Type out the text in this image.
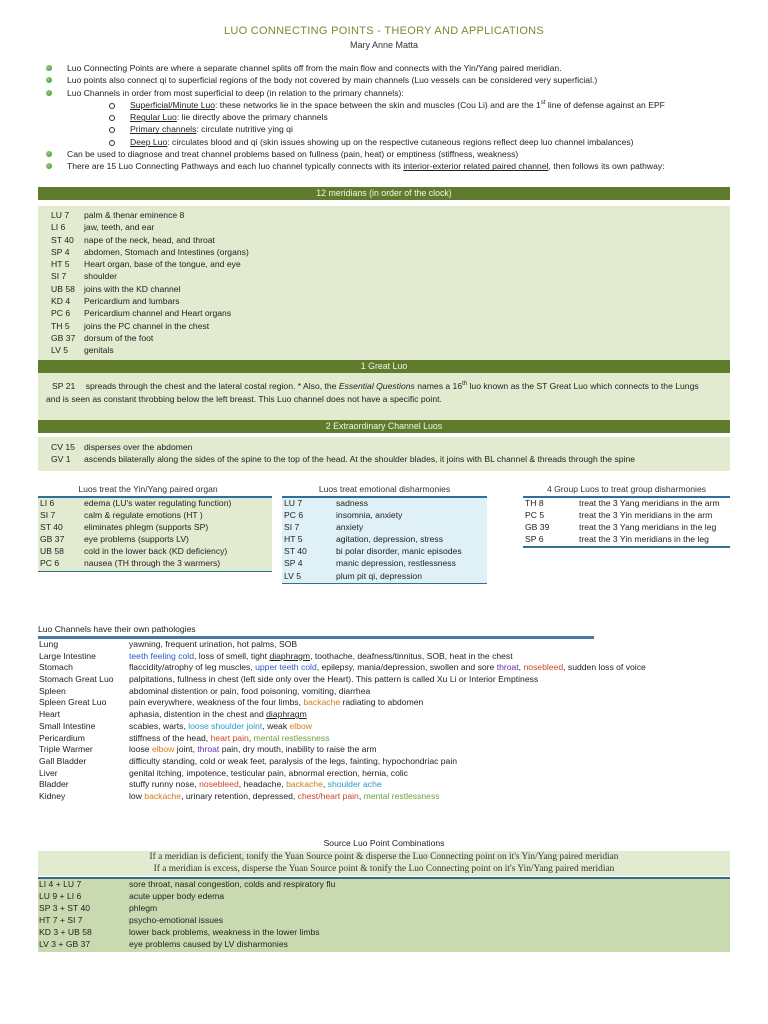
LUO CONNECTING POINTS - THEORY AND APPLICATIONS
Mary Anne Matta
Luo Connecting Points are where a separate channel splits off from the main flow and connects with the Yin/Yang paired meridian.
Luo points also connect qi to superficial regions of the body not covered by main channels (Luo vessels can be considered very superficial.)
Luo Channels in order from most superficial to deep (in relation to the primary channels):
Superficial/Minute Luo: these networks lie in the space between the skin and muscles (Cou Li) and are the 1st line of defense against an EPF
Regular Luo: lie directly above the primary channels
Primary channels: circulate nutritive ying qi
Deep Luo: circulates blood and qi (skin issues showing up on the respective cutaneous regions reflect deep luo channel imbalances)
Can be used to diagnose and treat channel problems based on fullness (pain, heat) or emptiness (stiffness, weakness)
There are 15 Luo Connecting Pathways and each luo channel typically connects with its interior-exterior related paired channel, then follows its own pathway:
12 meridians (in order of the clock)
LU 7 palm & thenar eminence 8
LI 6 jaw, teeth, and ear
ST 40 nape of the neck, head, and throat
SP 4 abdomen, Stomach and Intestines (organs)
HT 5 Heart organ, base of the tongue, and eye
SI 7 shoulder
UB 58 joins with the KD channel
KD 4 Pericardium and lumbars
PC 6 Pericardium channel and Heart organs
TH 5 joins the PC channel in the chest
GB 37 dorsum of the foot
LV 5 genitals
1 Great Luo
SP 21 spreads through the chest and the lateral costal region. * Also, the Essential Questions names a 16th luo known as the ST Great Luo which connects to the Lungs
and is seen as constant throbbing below the left breast. This Luo channel does not have a specific point.
2 Extraordinary Channel Luos
CV 15 disperses over the abdomen
GV 1 ascends bilaterally along the sides of the spine to the top of the head. At the shoulder blades, it joins with BL channel & threads through the spine
Luos treat the Yin/Yang paired organ
LI 6	edema (LU's water regulating function)
SI 7	calm & regulate emotions (HT )
ST 40 eliminates phlegm (supports SP)
GB 37 eye problems (supports LV)
UB 58 cold in the lower back (KD deficiency)
PC 6	nausea (TH through the 3 warmers)
Luos treat emotional disharmonies
LU 7	sadness
PC 6	insomnia, anxiety
SI 7	anxiety
HT 5	agitation, depression, stress
ST 40	bi polar disorder, manic episodes
SP 4	manic depression, restlessness
LV 5	plum pit qi, depression
4 Group Luos to treat group disharmonies
TH 8	treat the 3 Yang meridians in the arm
PC 5	treat the 3 Yin meridians in the arm
GB 39	treat the 3 Yang meridians in the leg
SP 6	treat the 3 Yin meridians in the leg
Luo Channels have their own pathologies
Lung	yawning, frequent urination, hot palms, SOB
Large Intestine	teeth feeling cold, loss of smell, tight diaphragm, toothache, deafness/tinnitus, SOB, heat in the chest
Stomach	flaccidity/atrophy of leg muscles, upper teeth cold, epilepsy, mania/depression, swollen and sore throat, nosebleed, sudden loss of voice
Stomach Great Luo palpitations, fullness in chest (left side only over the Heart). This pattern is called Xu Li or Interior Emptiness
Spleen	abdominal distention or pain, food poisoning, vomiting, diarrhea
Spleen Great Luo	pain everywhere, weakness of the four limbs, backache radiating to abdomen
Heart	aphasia, distention in the chest and diaphragm
Small Intestine	scabies, warts, loose shoulder joint, weak elbow
Pericardium	stiffness of the head, heart pain, mental restlessness
Triple Warmer	loose elbow joint, throat pain, dry mouth, inability to raise the arm
Gall Bladder	difficulty standing, cold or weak feet, paralysis of the legs, fainting, hypochondriac pain
Liver	genital itching, impotence, testicular pain, abnormal erection, hernia, colic
Bladder	stuffy runny nose, nosebleed, headache, backache, shoulder ache
Kidney	low backache, urinary retention, depressed, chest/heart pain, mental restlessness
Source Luo Point Combinations
If a meridian is deficient, tonify the Yuan Source point & disperse the Luo Connecting point on it's Yin/Yang paired meridian
If a meridian is excess, disperse the Yuan Source point & tonify the Luo Connecting point on it's Yin/Yang paired meridian
LI 4 + LU 7	sore throat, nasal congestion, colds and respiratory flu
LU 9 + LI 6	acute upper body edema
SP 3 + ST 40	phlegm
HT 7 + SI 7	psycho-emotional issues
KD 3 + UB 58	lower back problems, weakness in the lower limbs
LV 3 + GB 37	eye problems caused by LV disharmonies
